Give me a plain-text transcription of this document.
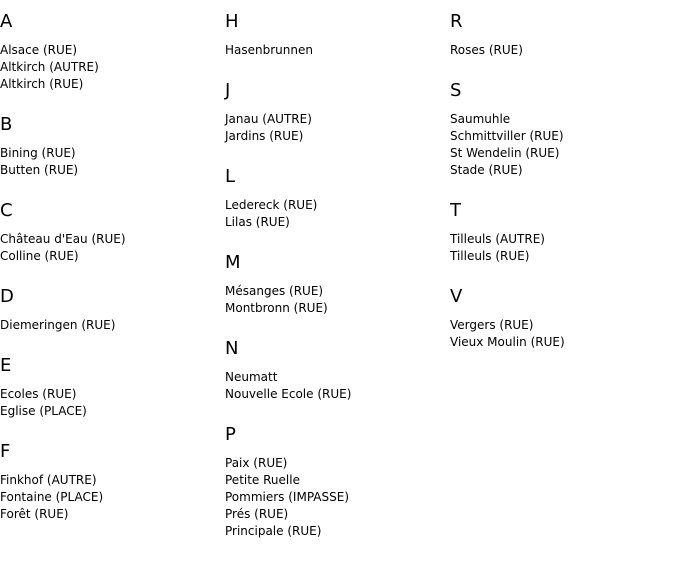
A
Alsace (RUE)
Altkirch (AUTRE)
Altkirch (RUE)
B
Bining (RUE)
Butten (RUE)
C
Château d'Eau (RUE)
Colline (RUE)
D
Diemeringen (RUE)
E
Ecoles (RUE)
Eglise (PLACE)
F
Finkhof (AUTRE)
Fontaine (PLACE)
Forêt (RUE)
H
Hasenbrunnen
J
Janau (AUTRE)
Jardins (RUE)
L
Ledereck (RUE)
Lilas (RUE)
M
Mésanges (RUE)
Montbronn (RUE)
N
Neumatt
Nouvelle Ecole (RUE)
P
Paix (RUE)
Petite Ruelle
Pommiers (IMPASSE)
Prés (RUE)
Principale (RUE)
R
Roses (RUE)
S
Saumuhle
Schmittviller (RUE)
St Wendelin (RUE)
Stade (RUE)
T
Tilleuls (AUTRE)
Tilleuls (RUE)
V
Vergers (RUE)
Vieux Moulin (RUE)
